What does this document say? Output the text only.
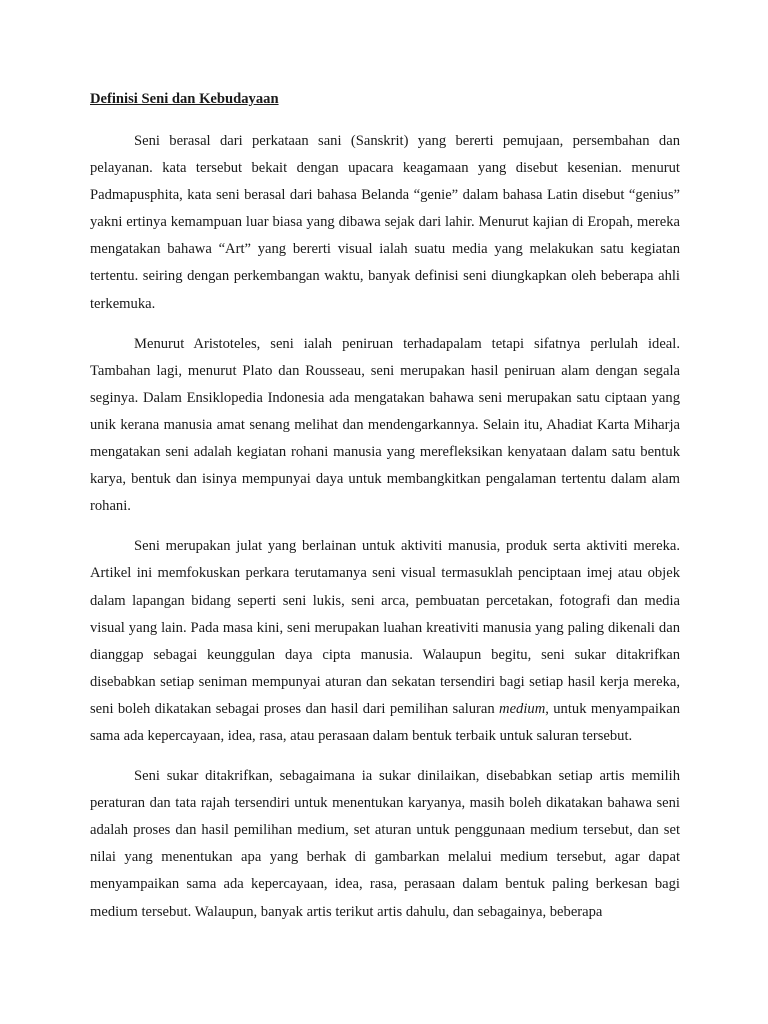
Definisi Seni dan Kebudayaan

Seni berasal dari perkataan sani (Sanskrit) yang bererti pemujaan, persembahan dan pelayanan. kata tersebut bekait dengan upacara keagamaan yang disebut kesenian. menurut Padmapusphita, kata seni berasal dari bahasa Belanda “genie” dalam bahasa Latin disebut “genius” yakni ertinya kemampuan luar biasa yang dibawa sejak dari lahir. Menurut kajian di Eropah, mereka mengatakan bahawa “Art” yang bererti visual ialah suatu media yang melakukan satu kegiatan tertentu. seiring dengan perkembangan waktu, banyak definisi seni diungkapkan oleh beberapa ahli terkemuka.

Menurut Aristoteles, seni ialah peniruan terhadapalam tetapi sifatnya perlulah ideal. Tambahan lagi, menurut Plato dan Rousseau, seni merupakan hasil peniruan alam dengan segala seginya. Dalam Ensiklopedia Indonesia ada mengatakan bahawa seni merupakan satu ciptaan yang unik kerana manusia amat senang melihat dan mendengarkannya. Selain itu, Ahadiat Karta Miharja mengatakan seni adalah kegiatan rohani manusia yang merefleksikan kenyataan dalam satu bentuk karya, bentuk dan isinya mempunyai daya untuk membangkitkan pengalaman tertentu dalam alam rohani.

Seni merupakan julat yang berlainan untuk aktiviti manusia, produk serta aktiviti mereka. Artikel ini memfokuskan perkara terutamanya seni visual termasuklah penciptaan imej atau objek dalam lapangan bidang seperti seni lukis, seni arca, pembuatan percetakan, fotografi dan media visual yang lain. Pada masa kini, seni merupakan luahan kreativiti manusia yang paling dikenali dan dianggap sebagai keunggulan daya cipta manusia. Walaupun begitu, seni sukar ditakrifkan disebabkan setiap seniman mempunyai aturan dan sekatan tersendiri bagi setiap hasil kerja mereka, seni boleh dikatakan sebagai proses dan hasil dari pemilihan saluran medium, untuk menyampaikan sama ada kepercayaan, idea, rasa, atau perasaan dalam bentuk terbaik untuk saluran tersebut.

Seni sukar ditakrifkan, sebagaimana ia sukar dinilaikan, disebabkan setiap artis memilih peraturan dan tata rajah tersendiri untuk menentukan karyanya, masih boleh dikatakan bahawa seni adalah proses dan hasil pemilihan medium, set aturan untuk penggunaan medium tersebut, dan set nilai yang menentukan apa yang berhak di gambarkan melalui medium tersebut, agar dapat menyampaikan sama ada kepercayaan, idea, rasa, perasaan dalam bentuk paling berkesan bagi medium tersebut. Walaupun, banyak artis terikut artis dahulu, dan sebagainya, beberapa
